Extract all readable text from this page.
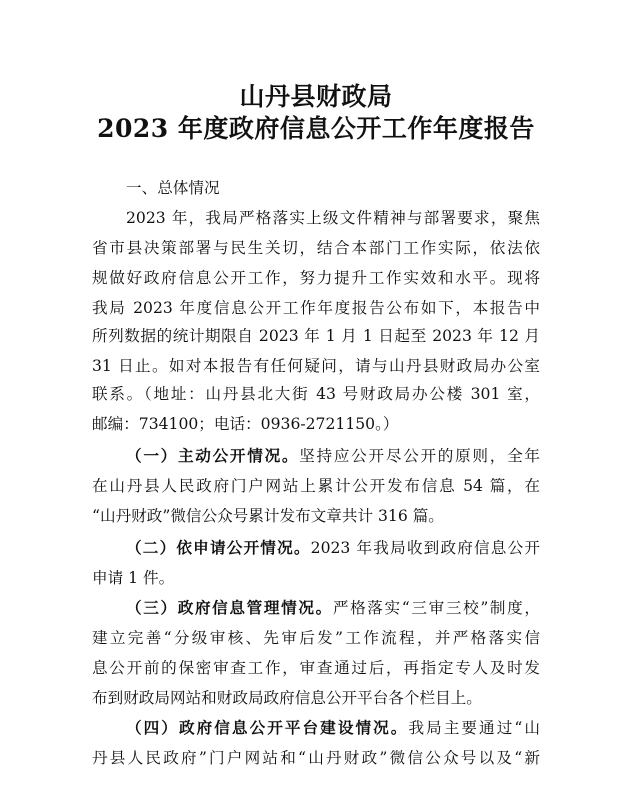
山丹县财政局
2023 年度政府信息公开工作年度报告
一、总体情况
2023 年，我局严格落实上级文件精神与部署要求，聚焦
省市县决策部署与民生关切，结合本部门工作实际，依法依
规做好政府信息公开工作，努力提升工作实效和水平。现将
我局 2023 年度信息公开工作年度报告公布如下，本报告中
所列数据的统计期限自 2023 年 1 月 1 日起至 2023 年 12 月
31 日止。如对本报告有任何疑问，请与山丹县财政局办公室
联系。（地址：山丹县北大街 43 号财政局办公楼 301 室，
邮编：734100；电话：0936-2721150。）
（一）主动公开情况。坚持应公开尽公开的原则，全年
在山丹县人民政府门户网站上累计公开发布信息 54 篇，在
“山丹财政”微信公众号累计发布文章共计 316 篇。
（二）依申请公开情况。2023 年我局收到政府信息公开
申请 1 件。
（三）政府信息管理情况。严格落实“三审三校”制度，
建立完善“分级审核、先审后发”工作流程，并严格落实信
息公开前的保密审查工作，审查通过后，再指定专人及时发
布到财政局网站和财政局政府信息公开平台各个栏目上。
（四）政府信息公开平台建设情况。我局主要通过“山
丹县人民政府”门户网站和“山丹财政”微信公众号以及“新
